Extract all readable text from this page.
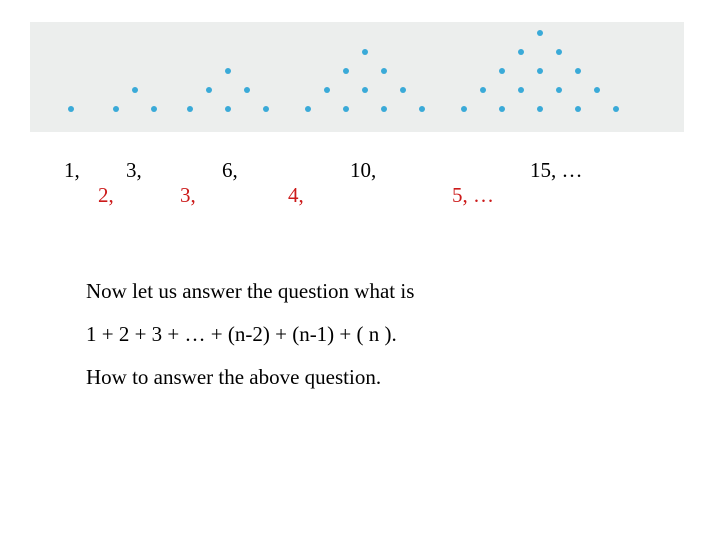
1, 3,	6,	10,	15, …
2,	3,	4,	5, …
Now let us answer the question what is
1 + 2 + 3 + … + (n-2) + (n-1) + ( n ).
How to answer the above question.
